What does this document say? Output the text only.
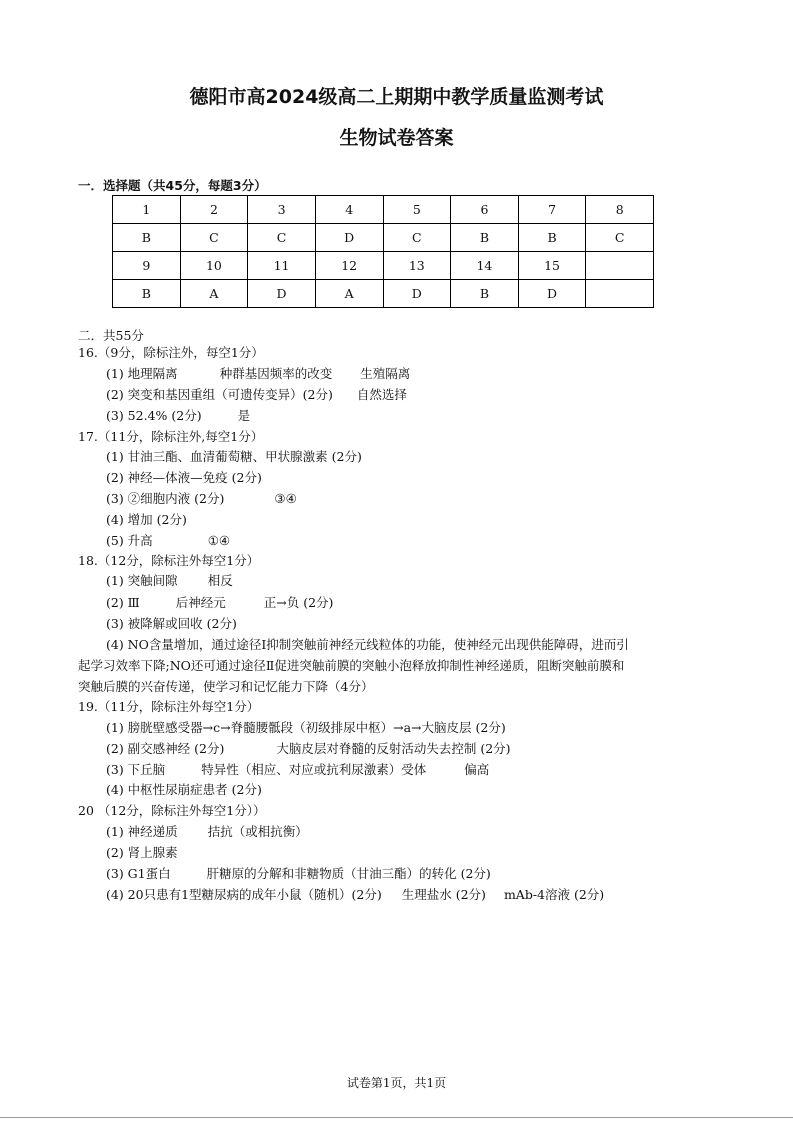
德阳市高2024级高二上期期中教学质量监测考试
生物试卷答案
一．选择题（共45分，每题3分）
1	2	3	4	5	6	7	8
B	C	C	D	C	B	B	C
9	10	11	12	13	14	15	
B	A	D	A	D	B	D	
二．共55分
16.（9分，除标注外，每空1分）
(1) 地理隔离	种群基因频率的改变 生殖隔离
(2) 突变和基因重组（可遗传变异）(2分) 自然选择
(3) 52.4% (2分)	是
17.（11分，除标注外,每空1分）
(1) 甘油三酯、血清葡萄糖、甲状腺激素 (2分)
(2) 神经—体液—免疫 (2分)
(3) ②细胞内液 (2分)	③④
(4) 增加 (2分)
(5) 升高	①④
18.（12分，除标注外每空1分）
(1) 突触间隙 相反
(2) Ⅲ	后神经元	正→负 (2分)
(3) 被降解或回收 (2分)
(4) NO含量增加，通过途径Ⅰ抑制突触前神经元线粒体的功能，使神经元出现供能障碍，进而引
起学习效率下降;NO还可通过途径Ⅱ促进突触前膜的突触小泡释放抑制性神经递质，阻断突触前膜和
突触后膜的兴奋传递，使学习和记忆能力下降（4分）
19.（11分，除标注外每空1分）
(1) 膀胱壁感受器→c→脊髓腰骶段（初级排尿中枢）→a→大脑皮层 (2分)
(2) 副交感神经 (2分)	大脑皮层对脊髓的反射活动失去控制 (2分)
(3) 下丘脑	特异性（相应、对应或抗利尿激素）受体	偏高
(4) 中枢性尿崩症患者 (2分)
20 （12分，除标注外每空1分））
(1) 神经递质 拮抗（或相抗衡）
(2) 肾上腺素
(3) G1蛋白	肝糖原的分解和非糖物质（甘油三酯）的转化 (2分)
(4) 20只患有1型糖尿病的成年小鼠（随机）(2分) 生理盐水 (2分) mAb-4溶液 (2分)
试卷第1页，共1页
